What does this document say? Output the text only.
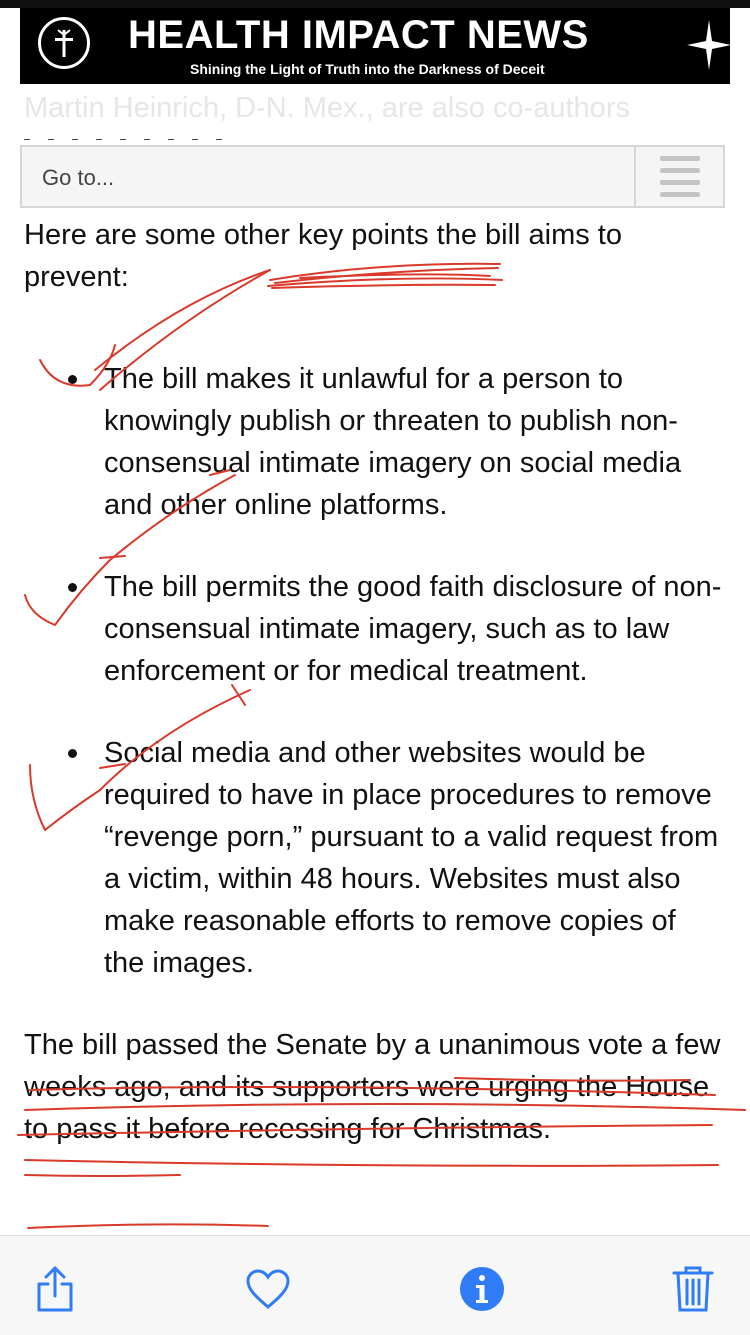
HEALTH IMPACT NEWS
Shining the Light of Truth into the Darkness of Deceit
Martin Heinrich, D-N. Mex., are also co-authors
Go to...

Here are some other key points the bill aims to prevent:

The bill makes it unlawful for a person to knowingly publish or threaten to publish non-consensual intimate imagery on social media and other online platforms.
The bill permits the good faith disclosure of non-consensual intimate imagery, such as to law enforcement or for medical treatment.
Social media and other websites would be required to have in place procedures to remove “revenge porn,” pursuant to a valid request from a victim, within 48 hours. Websites must also make reasonable efforts to remove copies of the images.

The bill passed the Senate by a unanimous vote a few weeks ago, and its supporters were urging the House to pass it before recessing for Christmas.
